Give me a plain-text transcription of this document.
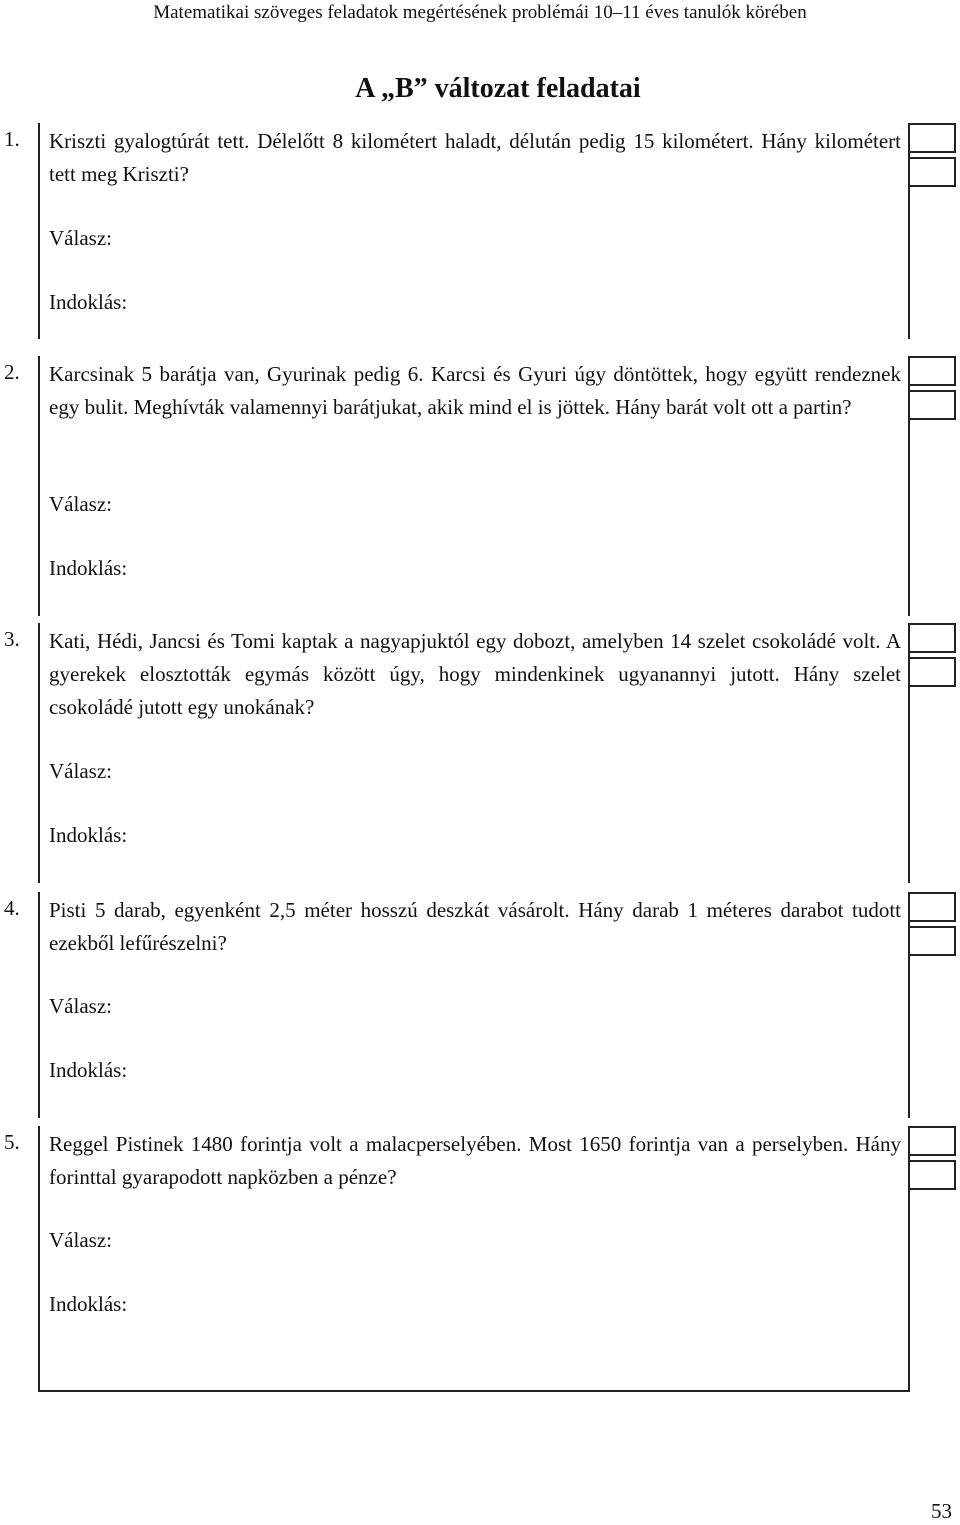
Matematikai szöveges feladatok megértésének problémái 10–11 éves tanulók körében
A „B” változat feladatai
1.	Kriszti gyalogtúrát tett. Délelőtt 8 kilométert haladt, délután pedig 15 kilométert. Hány kilométert tett meg Kriszti?
Válasz:
Indoklás:
2.	Karcsinak 5 barátja van, Gyurinak pedig 6. Karcsi és Gyuri úgy döntöttek, hogy együtt rendeznek egy bulit. Meghívták valamennyi barátjukat, akik mind el is jöttek. Hány barát volt ott a partin?
Válasz:
Indoklás:
3.	Kati, Hédi, Jancsi és Tomi kaptak a nagyapjuktól egy dobozt, amelyben 14 szelet csokoládé volt. A gyerekek elosztották egymás között úgy, hogy mindenkinek ugyanannyi jutott. Hány szelet csokoládé jutott egy unokának?
Válasz:
Indoklás:
4.	Pisti 5 darab, egyenként 2,5 méter hosszú deszkát vásárolt. Hány darab 1 méteres darabot tudott ezekből lefűrészelni?
Válasz:
Indoklás:
5.	Reggel Pistinek 1480 forintja volt a malacperselyében. Most 1650 forintja van a perselyben. Hány forinttal gyarapodott napközben a pénze?
Válasz:
Indoklás:
53
